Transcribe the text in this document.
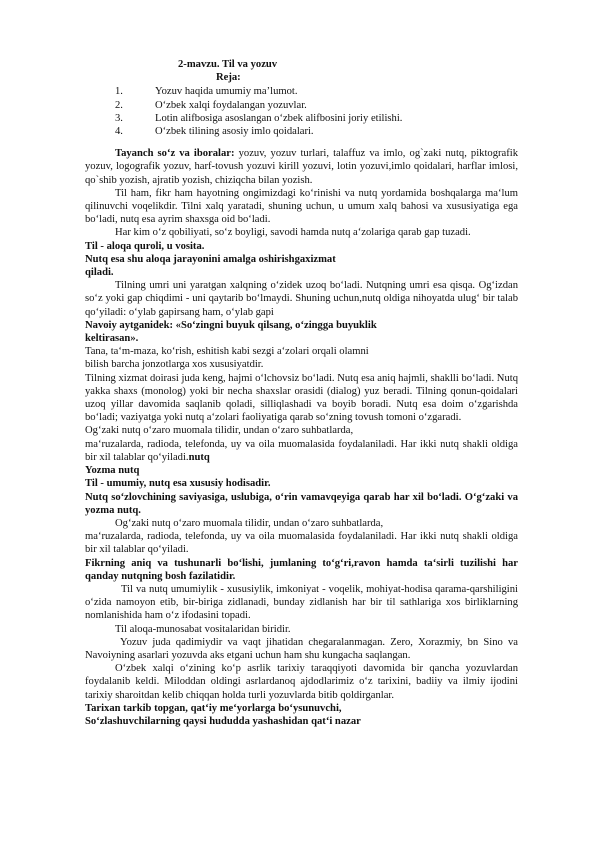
2-mavzu. Til va yozuv
Reja:
1.	Yozuv haqida umumiy ma’lumot.
2.	O‘zbek xalqi foydalangan yozuvlar.
3.	Lotin alifbosiga asoslangan o‘zbek alifbosini joriy etilishi.
4.	O‘zbek tilining asosiy imlo qoidalari.

Tayanch so‘z va iboralar: yozuv, yozuv turlari, talaffuz va imlo, og`zaki nutq, piktografik yozuv, logografik yozuv, harf-tovush yozuvi kirill yozuvi, lotin yozuvi,imlo qoidalari, harflar imlosi, qo`shib yozish, ajratib yozish, chiziqcha bilan yozish.

Til ham, fikr ham hayotning ongimizdagi ko‘rinishi va nutq yordamida boshqalarga ma‘lum qilinuvchi voqelikdir. Tilni xalq yaratadi, shuning uchun, u umum xalq bahosi va xususiyatiga ega bo‘ladi, nutq esa ayrim shaxsga oid bo‘ladi.

Har kim o‘z qobiliyati, so‘z boyligi, savodi hamda nutq a‘zolariga qarab gap tuzadi.

Til - aloqa quroli, u vosita.

Nutq esa shu aloqa jarayonini amalga oshirishgaxizmat

qiladi.

Tilning umri uni yaratgan xalqning o‘zidek uzoq bo‘ladi. Nutqning umri esa qisqa. Og‘izdan so‘z yoki gap chiqdimi - uni qaytarib bo‘lmaydi. Shuning uchun,nutq oldiga nihoyatda ulug‘ bir talab qo‘yiladi: o‘ylab gapirsang ham, o‘ylab gapi

Navoiy aytganidek: «So‘zingni buyuk qilsang, o‘zingga buyuklik

keltirasan».

Tana, ta‘m-maza, ko‘rish, eshitish kabi sezgi a‘zolari orqali olamni

bilish barcha jonzotlarga xos xususiyatdir.

Tilning xizmat doirasi juda keng, hajmi o‘lchovsiz bo‘ladi. Nutq esa aniq hajmli, shaklli bo‘ladi. Nutq yakka shaxs (monolog) yoki bir necha shaxslar orasidi (dialog) yuz beradi. Tilning qonun-qoidalari uzoq yillar davomida saqlanib qoladi, silliqlashadi va boyib boradi. Nutq esa doim o‘zgarishda bo‘ladi; vaziyatga yoki nutq a‘zolari faoliyatiga qarab so‘zning tovush tomoni o‘zgaradi.

Og‘zaki nutq o‘zaro muomala tilidir, undan o‘zaro suhbatlarda,

ma‘ruzalarda, radioda, telefonda, uy va oila muomalasida foydalaniladi. Har ikki nutq shakli oldiga bir xil talablar qo‘yiladi.nutq

Yozma nutq

Til - umumiy, nutq esa xususiy hodisadir.

Nutq so‘zlovchining saviyasiga, uslubiga, o‘rin vamavqeyiga qarab har xil bo‘ladi. O‘g‘zaki va yozma nutq.

Og‘zaki nutq o‘zaro muomala tilidir, undan o‘zaro suhbatlarda,

ma‘ruzalarda, radioda, telefonda, uy va oila muomalasida foydalaniladi. Har ikki nutq shakli oldiga bir xil talablar qo‘yiladi.

Fikrning aniq va tushunarli bo‘lishi, jumlaning to‘g‘ri,ravon hamda ta‘sirli tuzilishi har qanday nutqning bosh fazilatidir.

Til va nutq umumiylik - xususiylik, imkoniyat - voqelik, mohiyat-hodisa qarama-qarshiligini o‘zida namoyon etib, bir-biriga zidlanadi, bunday zidlanish har bir til sathlariga xos birliklarning nomlanishida ham o‘z ifodasini topadi.

Til aloqa-munosabat vositalaridan biridir.

Yozuv juda qadimiydir va vaqt jihatidan chegaralanmagan. Zero, Xorazmiy, bn Sino va Navoiyning asarlari yozuvda aks etgani uchun ham shu kungacha saqlangan.

O‘zbek xalqi o‘zining ko‘p asrlik tarixiy taraqqiyoti davomida bir qancha yozuvlardan foydalanib keldi. Miloddan oldingi asrlardanoq ajdodlarimiz o‘z tarixini, badiiy va ilmiy ijodini tarixiy sharoitdan kelib chiqqan holda turli yozuvlarda bitib qoldirganlar.

Tarixan tarkib topgan, qat‘iy me‘yorlarga bo‘ysunuvchi,

So‘zlashuvchilarning qaysi hududda yashashidan qat‘i nazar
